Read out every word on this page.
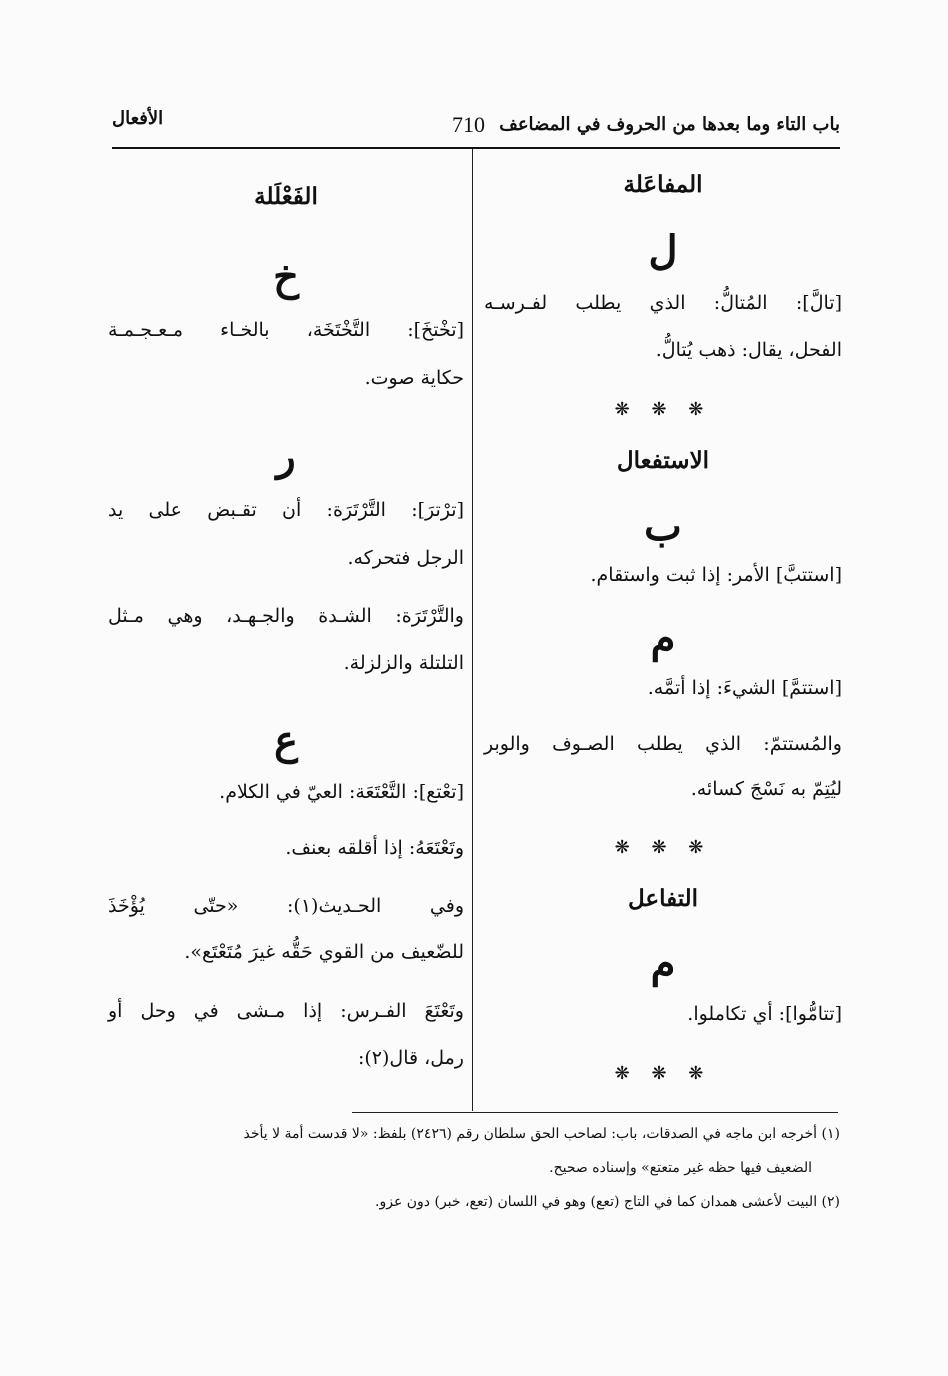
باب التاء وما بعدها من الحروف في المضاعف
710
الأفعال
المفاعَلة
ل
[تالَّ]: المُتالُّ: الذي يطلب لفـرسـه
الفحل، يقال: ذهب يُتالُّ.
❋ ❋ ❋
الاستفعال
ب
[استتبَّ] الأمر: إذا ثبت واستقام.
م
[استتمَّ] الشيءَ: إذا أتمَّه.
والمُستتمّ: الذي يطلب الصـوف والوبر
ليُتِمّ به نَسْجَ كسائه.
❋ ❋ ❋
التفاعل
م
[تتامُّوا]: أي تكاملوا.
❋ ❋ ❋
الفَعْلَلة
خ
[تخْتخَ]: التَّخْتَخَة، بالخـاء مـعـجـمـة
حكاية صوت.
ر
[ترْترَ]: التَّرْتَرَة: أن تقـبض على يد
الرجل فتحركه.
والتَّرْتَرَة: الشـدة والجـهـد، وهي مـثل
التلتلة والزلزلة.
ع
[تعْتع]: التَّعْتَعَة: العيّ في الكلام.
وتَعْتَعَهُ: إذا أقلقه بعنف.
وفي الحـديث(١): «حتّى يُؤْخَذَ
للضّعيف من القوي حَقُّه غيرَ مُتَعْتَع».
وتَعْتَعَ الفـرس: إذا مـشى في وحل أو
رمل، قال(٢):
(١) أخرجه ابن ماجه في الصدقات، باب: لصاحب الحق سلطان رقم (٢٤٢٦) بلفظ: «لا قدست أمة لا يأخذ
الضعيف فيها حظه غير متعتع» وإسناده صحيح.
(٢) البيت لأعشى همدان كما في التاج (تعع) وهو في اللسان (تعع، خبر) دون عزو.
